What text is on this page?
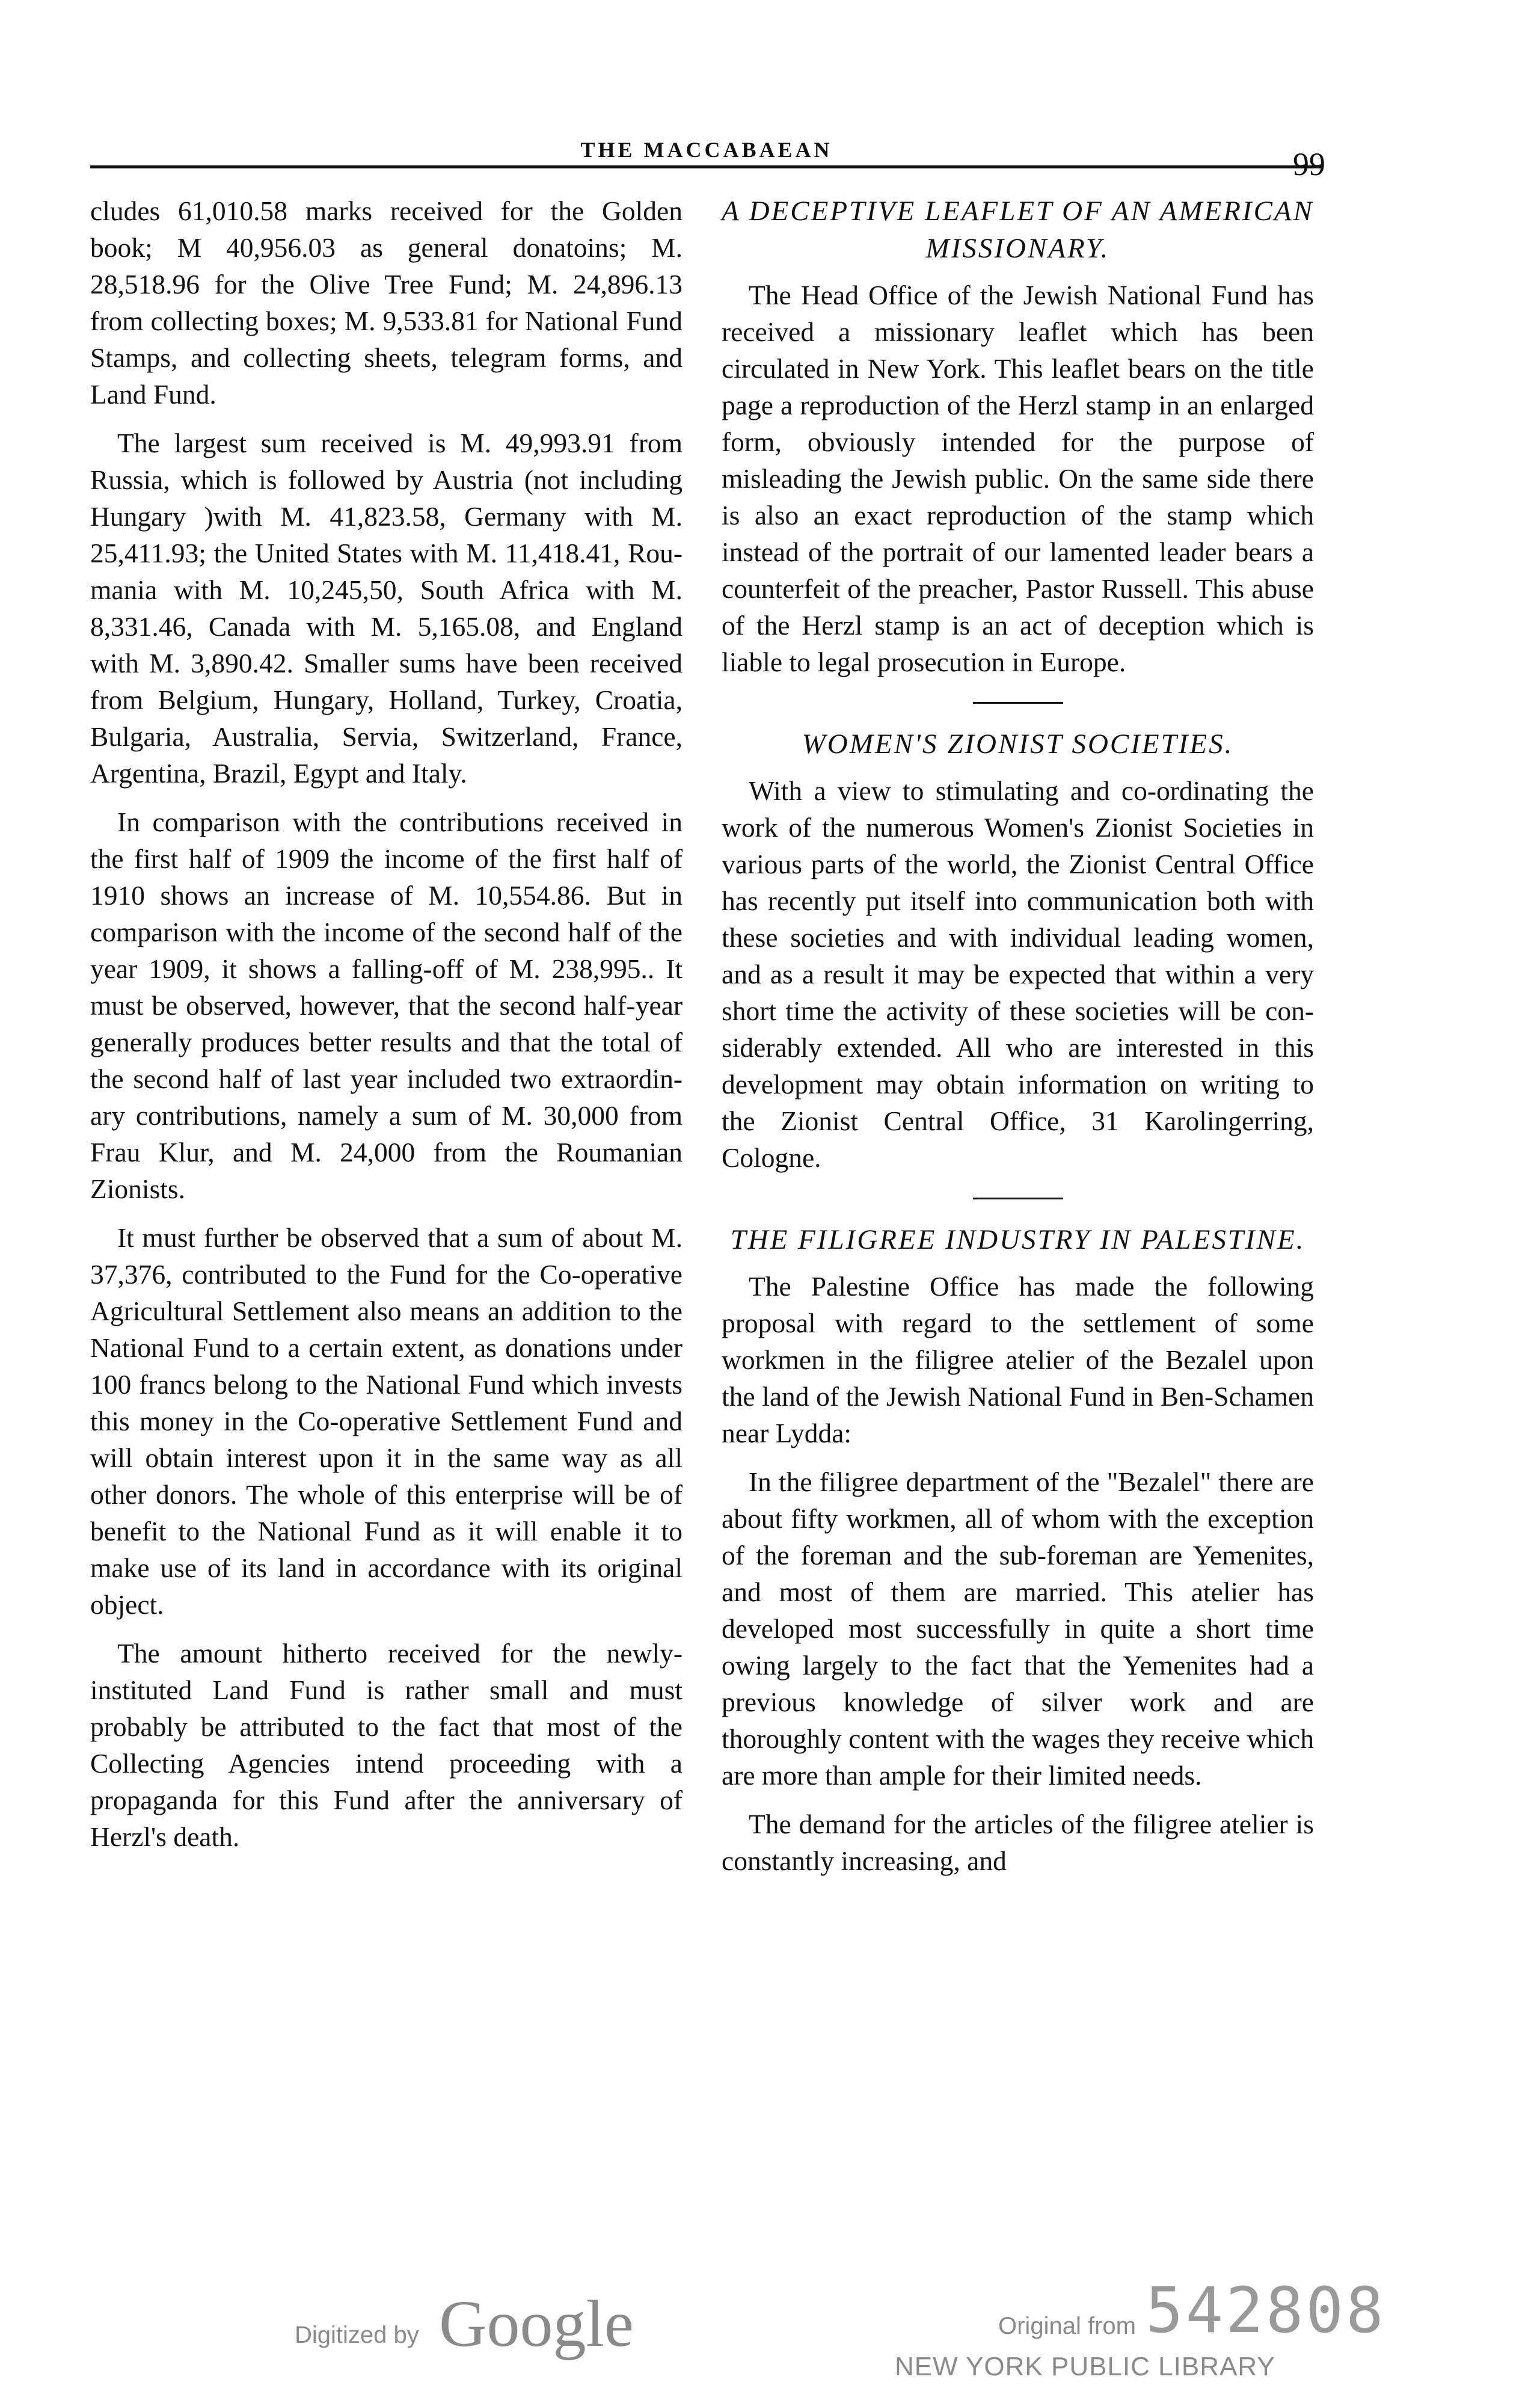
THE MACCABAEAN	99

cludes 61,010.58 marks received for the Golden book; M 40,956.03 as general donatoins; M. 28,518.96 for the Olive Tree Fund; M. 24,896.13 from collecting boxes; M. 9,533.81 for National Fund Stamps, and collecting sheets, telegram forms, and Land Fund.

The largest sum received is M. 49,993.91 from Russia, which is followed by Austria (not including Hungary )with M. 41,823.58, Germany with M. 25,411.93; the United States with M. 11,418.41, Roumania with M. 10,245,50, South Africa with M. 8,331.46, Canada with M. 5,165.08, and England with M. 3,890.42. Smaller sums have been received from Belgium, Hungary, Holland, Turkey, Croatia, Bulgaria, Australia, Servia, Switzerland, France, Argentina, Brazil, Egypt and Italy.

In comparison with the contributions received in the first half of 1909 the income of the first half of 1910 shows an increase of M. 10,554.86. But in comparison with the income of the second half of the year 1909, it shows a falling-off of M. 238,995.. It must be observed, however, that the second half-year generally produces better results and that the total of the second half of last year included two extraordinary contributions, namely a sum of M. 30,000 from Frau Klur, and M. 24,000 from the Roumanian Zionists.

It must further be observed that a sum of about M. 37,376, contributed to the Fund for the Co-operative Agricultural Settlement also means an addition to the National Fund to a certain extent, as donations under 100 francs belong to the National Fund which invests this money in the Co-operative Settlement Fund and will obtain interest upon it in the same way as all other donors. The whole of this enterprise will be of benefit to the National Fund as it will enable it to make use of its land in accordance with its original object.

The amount hitherto received for the newly-instituted Land Fund is rather small and must probably be attributed to the fact that most of the Collecting Agencies intend proceeding with a propaganda for this Fund after the anniversary of Herzl's death.

A DECEPTIVE LEAFLET OF AN AMERICAN MISSIONARY.

The Head Office of the Jewish National Fund has received a missionary leaflet which has been circulated in New York. This leaflet bears on the title page a reproduction of the Herzl stamp in an enlarged form, obviously intended for the purpose of misleading the Jewish public. On the same side there is also an exact reproduction of the stamp which instead of the portrait of our lamented leader bears a counterfeit of the preacher, Pastor Russell. This abuse of the Herzl stamp is an act of deception which is liable to legal prosecution in Europe.

WOMEN'S ZIONIST SOCIETIES.

With a view to stimulating and co-ordinating the work of the numerous Women's Zionist Societies in various parts of the world, the Zionist Central Office has recently put itself into communication both with these societies and with individual leading women, and as a result it may be expected that within a very short time the activity of these societies will be considerably extended. All who are interested in this development may obtain information on writing to the Zionist Central Office, 31 Karolingerring, Cologne.

THE FILIGREE INDUSTRY IN PALESTINE.

The Palestine Office has made the following proposal with regard to the settlement of some workmen in the filigree atelier of the Bezalel upon the land of the Jewish National Fund in Ben-Schamen near Lydda:

In the filigree department of the "Bezalel" there are about fifty workmen, all of whom with the exception of the foreman and the sub-foreman are Yemenites, and most of them are married. This atelier has developed most successfully in quite a short time owing largely to the fact that the Yemenites had a previous knowledge of silver work and are thoroughly content with the wages they receive which are more than ample for their limited needs.

The demand for the articles of the filigree atelier is constantly increasing, and

Digitized by Google	Original from 542808
NEW YORK PUBLIC LIBRARY
